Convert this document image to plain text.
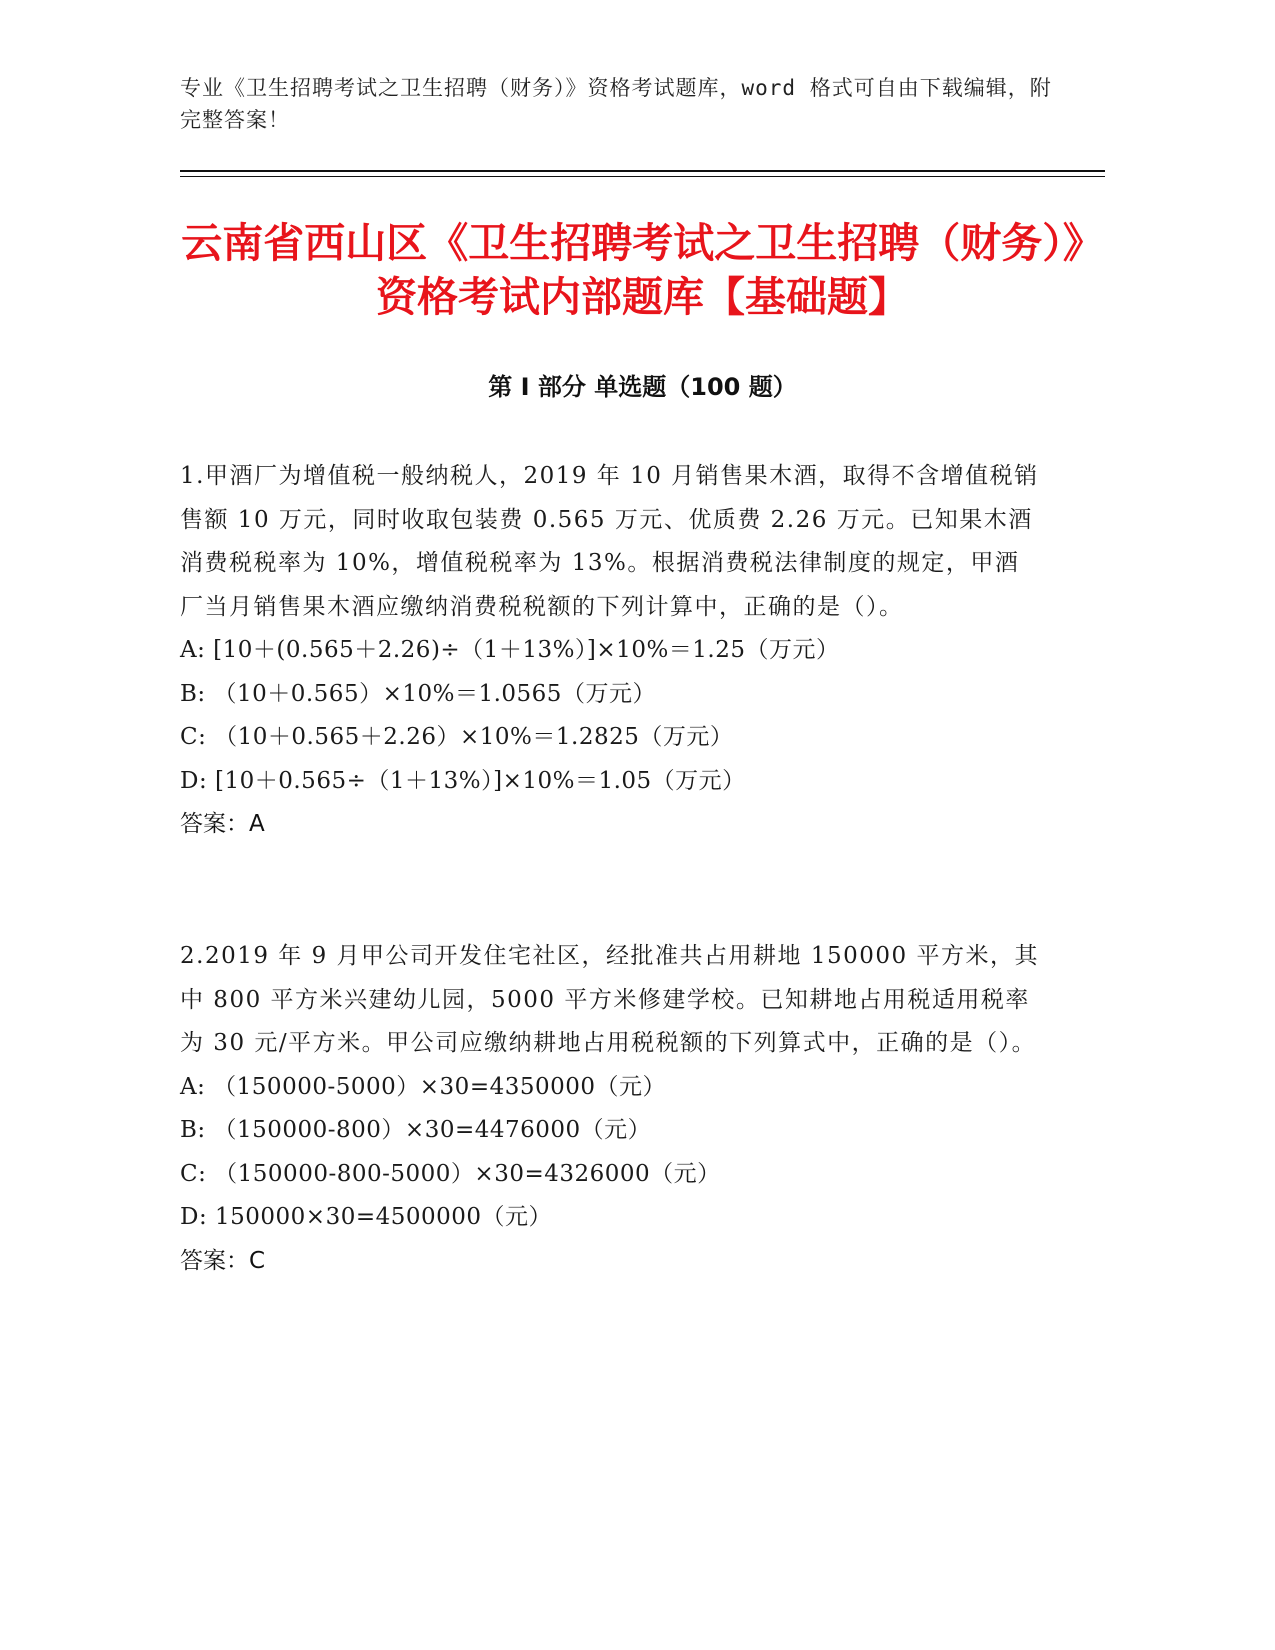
专业《卫生招聘考试之卫生招聘（财务）》资格考试题库，word 格式可自由下载编辑，附完整答案！
云南省西山区《卫生招聘考试之卫生招聘（财务）》资格考试内部题库【基础题】
第 I 部分 单选题（100 题）

1.甲酒厂为增值税一般纳税人，2019 年 10 月销售果木酒，取得不含增值税销售额 10 万元，同时收取包装费 0.565 万元、优质费 2.26 万元。已知果木酒消费税税率为 10%，增值税税率为 13%。根据消费税法律制度的规定，甲酒厂当月销售果木酒应缴纳消费税税额的下列计算中，正确的是（）。

A: [10＋(0.565＋2.26)÷（1＋13%）]×10%＝1.25（万元）

B: （10＋0.565）×10%＝1.0565（万元）

C: （10＋0.565＋2.26）×10%＝1.2825（万元）

D: [10＋0.565÷（1＋13%）]×10%＝1.05（万元）

答案：A

2.2019 年 9 月甲公司开发住宅社区，经批准共占用耕地 150000 平方米，其中 800 平方米兴建幼儿园，5000 平方米修建学校。已知耕地占用税适用税率为 30 元/平方米。甲公司应缴纳耕地占用税税额的下列算式中，正确的是（）。

A: （150000-5000）×30=4350000（元）

B: （150000-800）×30=4476000（元）

C: （150000-800-5000）×30=4326000（元）

D: 150000×30=4500000（元）

答案：C
